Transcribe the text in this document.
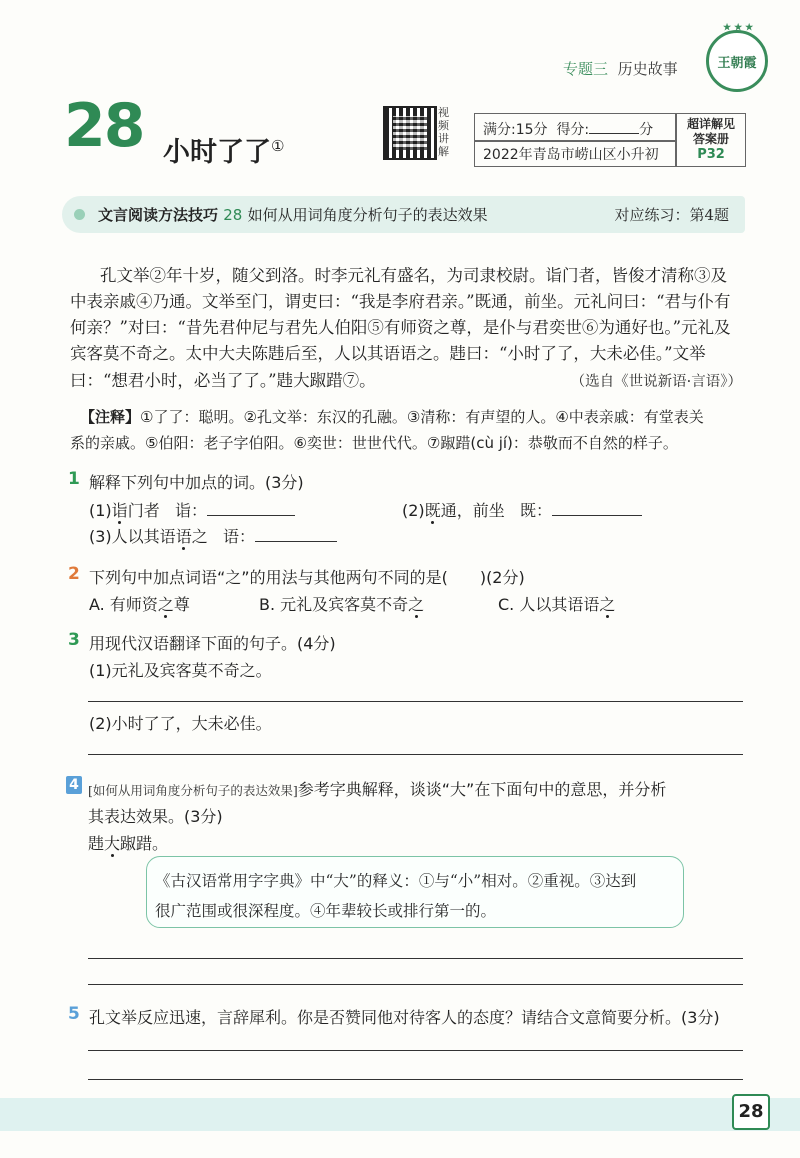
专题三 历史故事
★★★
王朝霞
28 小时了了①
视频讲解
满分:15分 得分:	分
2022年青岛市崂山区小升初
超详解见
答案册
P32
文言阅读方法技巧 28 如何从用词角度分析句子的表达效果	对应练习：第4题
孔文举②年十岁，随父到洛。时李元礼有盛名，为司隶校尉。诣门者，皆俊才清称③及
中表亲戚④乃通。文举至门，谓吏曰：“我是李府君亲。”既通，前坐。元礼问曰：“君与仆有
何亲？”对曰：“昔先君仲尼与君先人伯阳⑤有师资之尊，是仆与君奕世⑥为通好也。”元礼及
宾客莫不奇之。太中大夫陈韪后至，人以其语语之。韪曰：“小时了了，大未必佳。”文举
曰：“想君小时，必当了了。”韪大踧踖⑦。	（选自《世说新语·言语》）
【注释】①了了：聪明。②孔文举：东汉的孔融。③清称：有声望的人。④中表亲戚：有堂表关
系的亲戚。⑤伯阳：老子字伯阳。⑥奕世：世世代代。⑦踧踖(cù jí)：恭敬而不自然的样子。
1 解释下列句中加点的词。(3分)
(1)诣门者 诣：	(2)既通，前坐 既：
(3)人以其语语之 语：
2 下列句中加点词语“之”的用法与其他两句不同的是(　　)(2分)
A. 有师资之尊	B. 元礼及宾客莫不奇之	C. 人以其语语之
3 用现代汉语翻译下面的句子。(4分)
(1)元礼及宾客莫不奇之。
(2)小时了了，大未必佳。
4 [如何从用词角度分析句子的表达效果]参考字典解释，谈谈“大”在下面句中的意思，并分析
其表达效果。(3分)
韪大踧踖。
《古汉语常用字字典》中“大”的释义：①与“小”相对。②重视。③达到
很广范围或很深程度。④年辈较长或排行第一的。
5 孔文举反应迅速，言辞犀利。你是否赞同他对待客人的态度？请结合文意简要分析。(3分)
28
